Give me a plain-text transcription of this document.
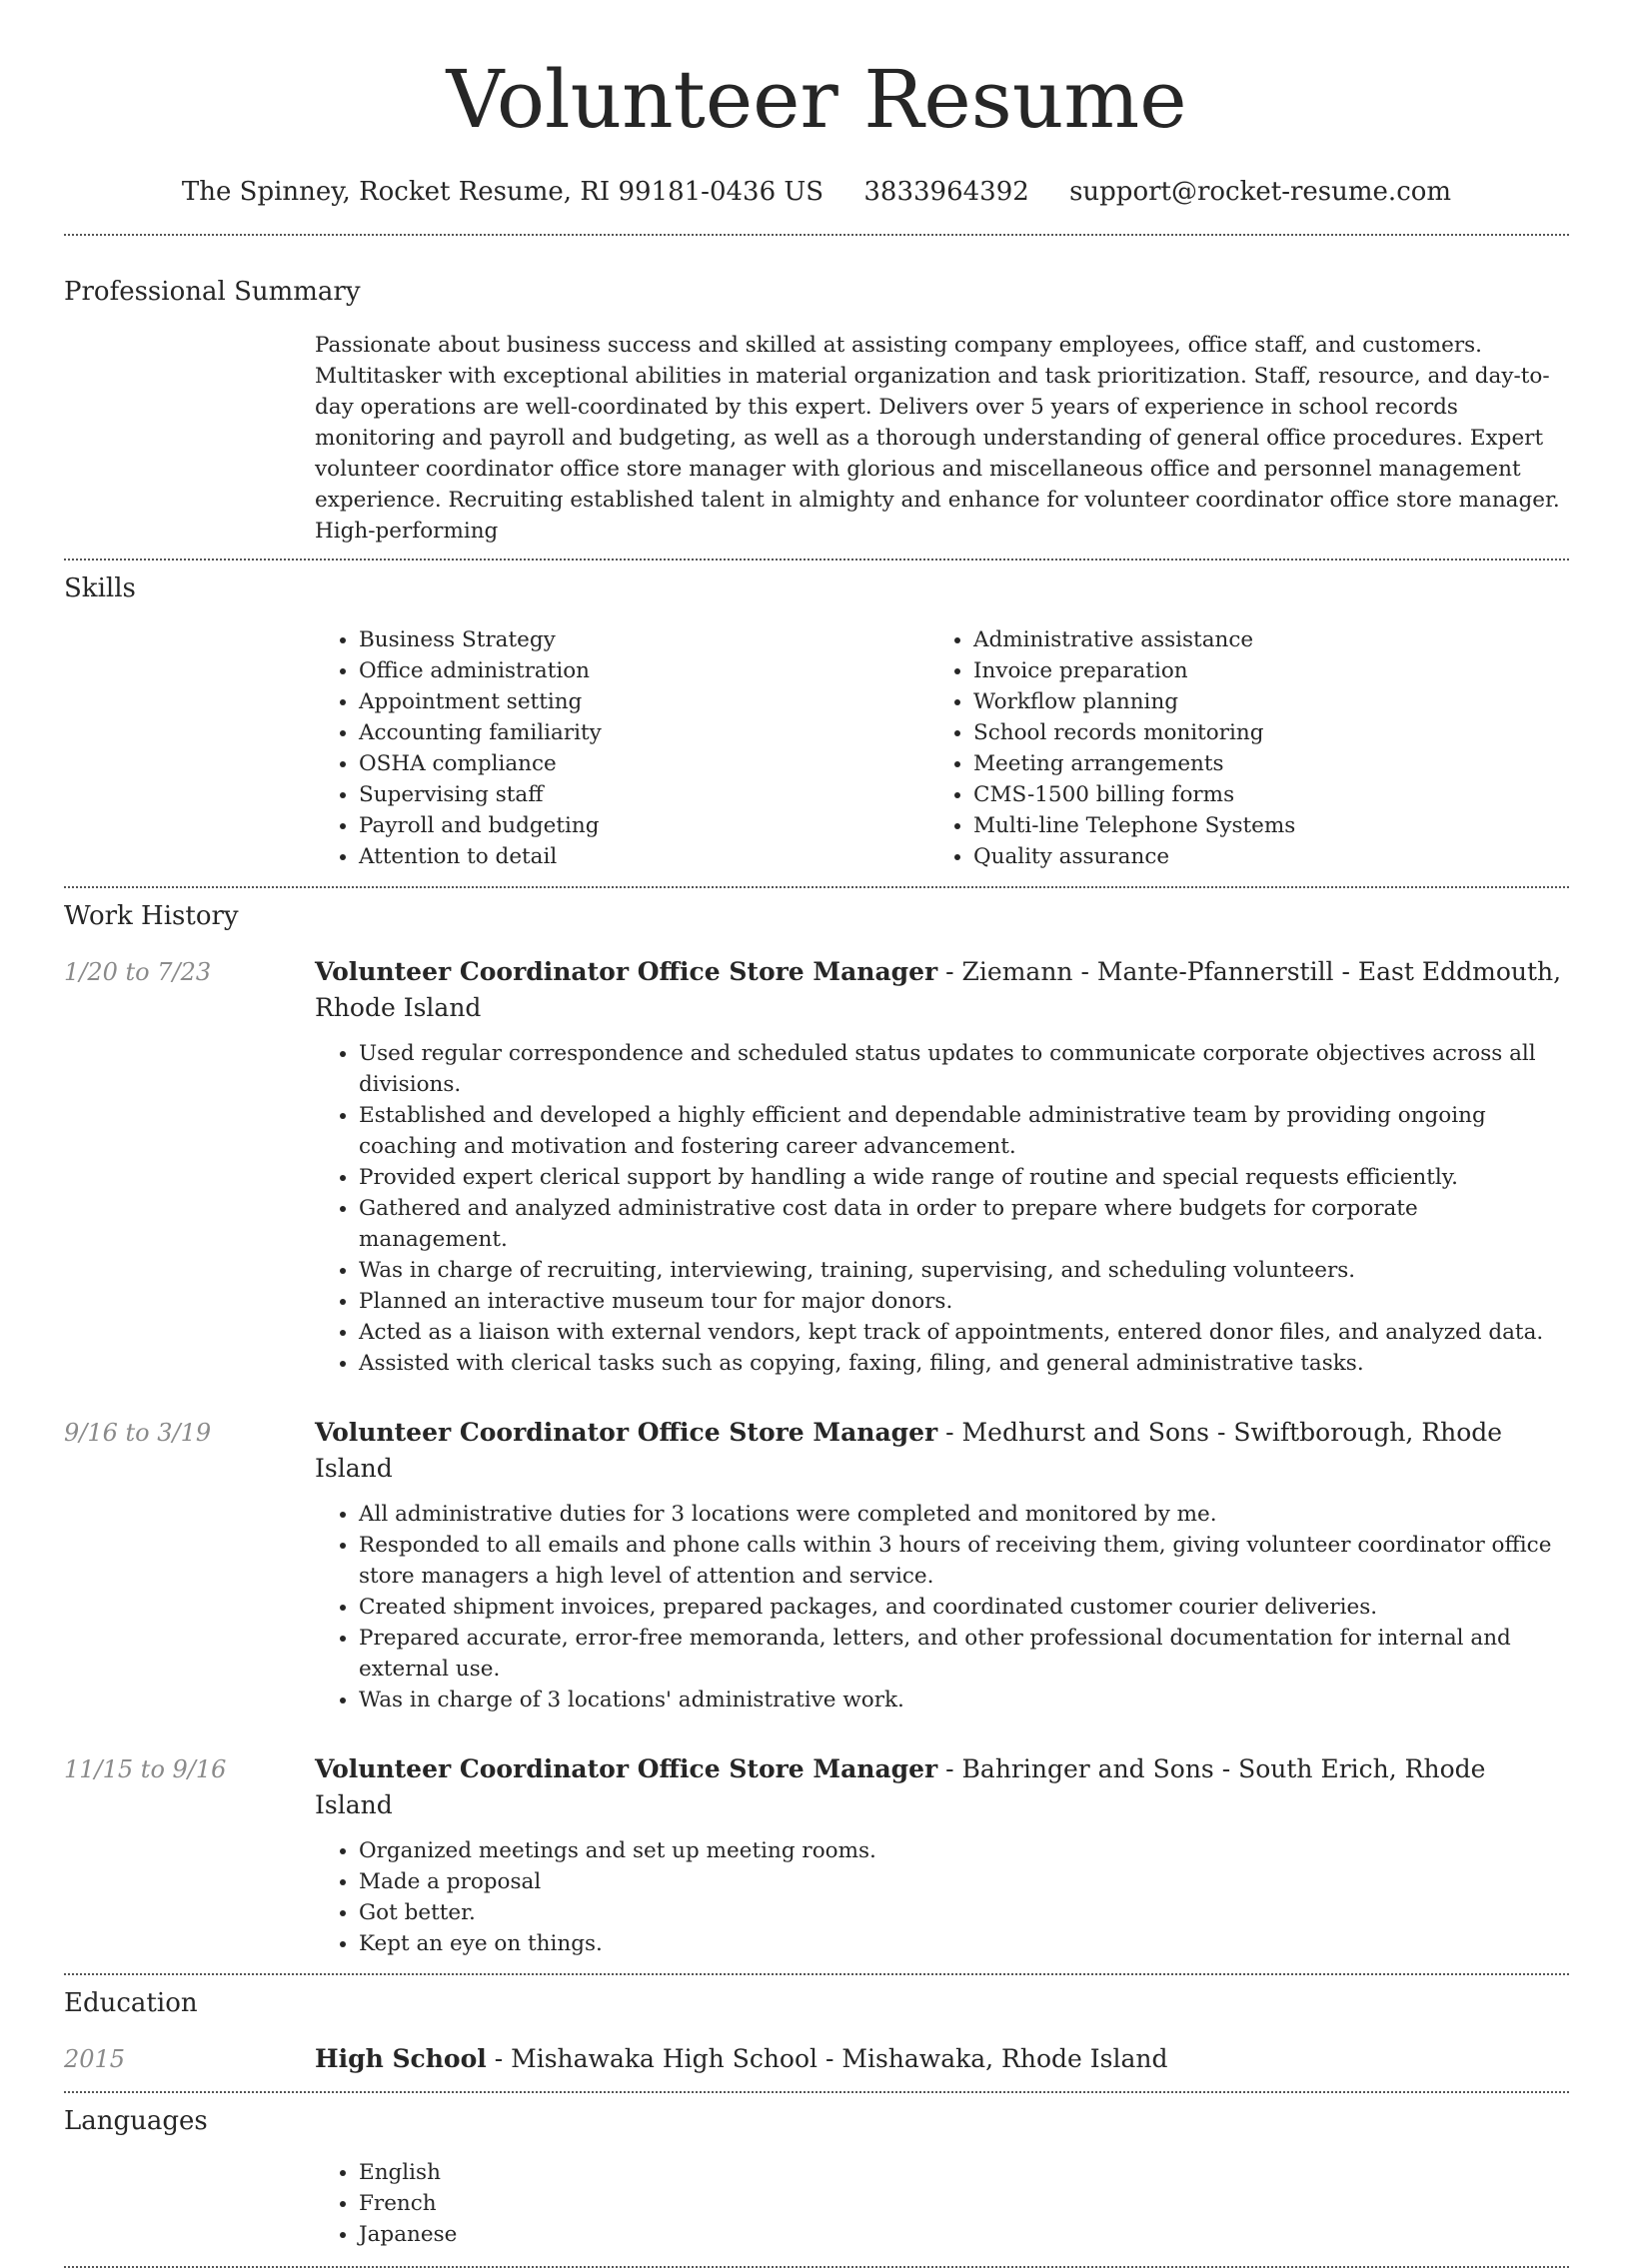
Volunteer Resume
The Spinney, Rocket Resume, RI 99181-0436 US 3833964392 support@rocket-resume.com
Professional Summary

Passionate about business success and skilled at assisting company employees, office staff, and customers. Multitasker with exceptional abilities in material organization and task prioritization. Staff, resource, and day-to-day operations are well-coordinated by this expert. Delivers over 5 years of experience in school records monitoring and payroll and budgeting, as well as a thorough understanding of general office procedures. Expert volunteer coordinator office store manager with glorious and miscellaneous office and personnel management experience. Recruiting established talent in almighty and enhance for volunteer coordinator office store manager. High-performing

Skills
• Business Strategy
• Office administration
• Appointment setting
• Accounting familiarity
• OSHA compliance
• Supervising staff
• Payroll and budgeting
• Attention to detail
• Administrative assistance
• Invoice preparation
• Workflow planning
• School records monitoring
• Meeting arrangements
• CMS-1500 billing forms
• Multi-line Telephone Systems
• Quality assurance
Work History
1/20 to 7/23	Volunteer Coordinator Office Store Manager - Ziemann - Mante-Pfannerstill - East Eddmouth, Rhode Island
• Used regular correspondence and scheduled status updates to communicate corporate objectives across all divisions.
• Established and developed a highly efficient and dependable administrative team by providing ongoing coaching and motivation and fostering career advancement.
• Provided expert clerical support by handling a wide range of routine and special requests efficiently.
• Gathered and analyzed administrative cost data in order to prepare where budgets for corporate management.
• Was in charge of recruiting, interviewing, training, supervising, and scheduling volunteers.
• Planned an interactive museum tour for major donors.
• Acted as a liaison with external vendors, kept track of appointments, entered donor files, and analyzed data.
• Assisted with clerical tasks such as copying, faxing, filing, and general administrative tasks.
9/16 to 3/19	Volunteer Coordinator Office Store Manager - Medhurst and Sons - Swiftborough, Rhode Island
• All administrative duties for 3 locations were completed and monitored by me.
• Responded to all emails and phone calls within 3 hours of receiving them, giving volunteer coordinator office store managers a high level of attention and service.
• Created shipment invoices, prepared packages, and coordinated customer courier deliveries.
• Prepared accurate, error-free memoranda, letters, and other professional documentation for internal and external use.
• Was in charge of 3 locations' administrative work.
11/15 to 9/16	Volunteer Coordinator Office Store Manager - Bahringer and Sons - South Erich, Rhode Island
• Organized meetings and set up meeting rooms.
• Made a proposal
• Got better.
• Kept an eye on things.
Education
2015	High School - Mishawaka High School - Mishawaka, Rhode Island
Languages
• English
• French
• Japanese
